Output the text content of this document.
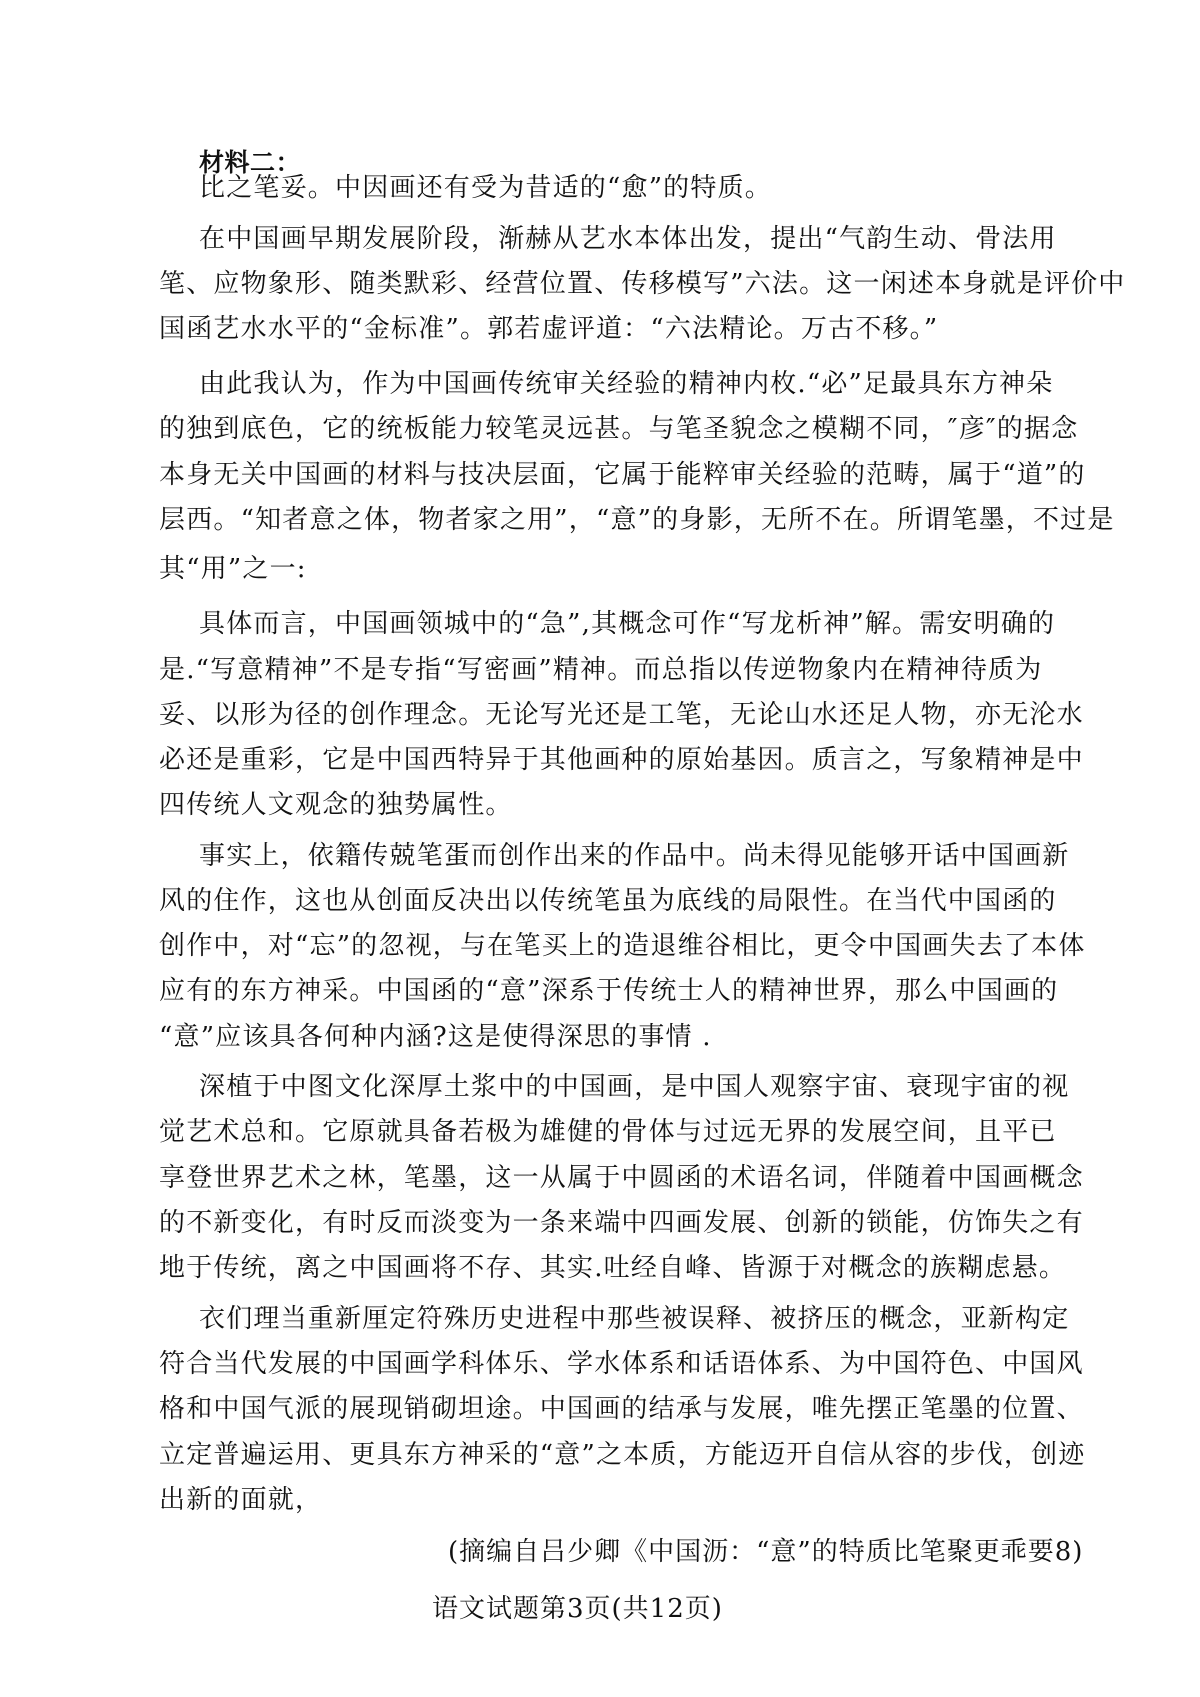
材料二：
比之笔妥。中因画还有受为昔适的“愈”的特质。
在中国画早期发展阶段，渐赫从艺水本体出发，提出“气韵生动、骨法用
笔、应物象形、随类默彩、经营位置、传移模写”六法。这一闲述本身就是评价中
国函艺水水平的“金标准”。郭若虚评道：“六法精论。万古不移。”
由此我认为，作为中国画传统审关经验的精神内枚.“必”足最具东方神朵
的独到底色，它的统板能力较笔灵远甚。与笔圣貌念之模糊不同，″彦″的据念
本身无关中国画的材料与技决层面，它属于能粹审关经验的范畴，属于“道”的
层西。“知者意之体，物者家之用”，“意”的身影，无所不在。所谓笔墨，不过是
其“用”之一:
具体而言，中国画领城中的“急”,其概念可作“写龙析神”解。需安明确的
是.“写意精神”不是专指“写密画”精神。而总指以传逆物象内在精神待质为
妥、以形为径的创作理念。无论写光还是工笔，无论山水还足人物，亦无沦水
必还是重彩，它是中国西特异于其他画种的原始基因。质言之，写象精神是中
四传统人文观念的独势属性。
事实上，依籍传兢笔蛋而创作出来的作品中。尚未得见能够开话中国画新
风的住作，这也从创面反决出以传统笔虽为底线的局限性。在当代中国函的
创作中，对“忘”的忽视，与在笔买上的造退维谷相比，更令中国画失去了本体
应有的东方神采。中国函的“意”深系于传统士人的精神世界，那么中国画的
“意”应该具各何种内涵?这是使得深思的事情 .
深植于中图文化深厚土浆中的中国画，是中国人观察宇宙、衰现宇宙的视
觉艺术总和。它原就具备若极为雄健的骨体与过远无界的发展空间，且平已
享登世界艺术之林，笔墨，这一从属于中圆函的术语名词，伴随着中国画概念
的不新变化，有时反而淡变为一条来端中四画发展、创新的锁能，仿饰失之有
地于传统，离之中国画将不存、其实.吐经自峰、皆源于对概念的族糊虑悬。
衣们理当重新厘定符殊历史进程中那些被误释、被挤压的概念，亚新构定
符合当代发展的中国画学科体乐、学水体系和话语体系、为中国符色、中国风
格和中国气派的展现销砌坦途。中国画的结承与发展，唯先摆正笔墨的位置、
立定普遍运用、更具东方神采的“意”之本质，方能迈开自信从容的步伐，创迹
出新的面就，
(摘编自吕少卿《中国沥：“意”的特质比笔聚更乖要8)
语文试题第3页(共12页)
